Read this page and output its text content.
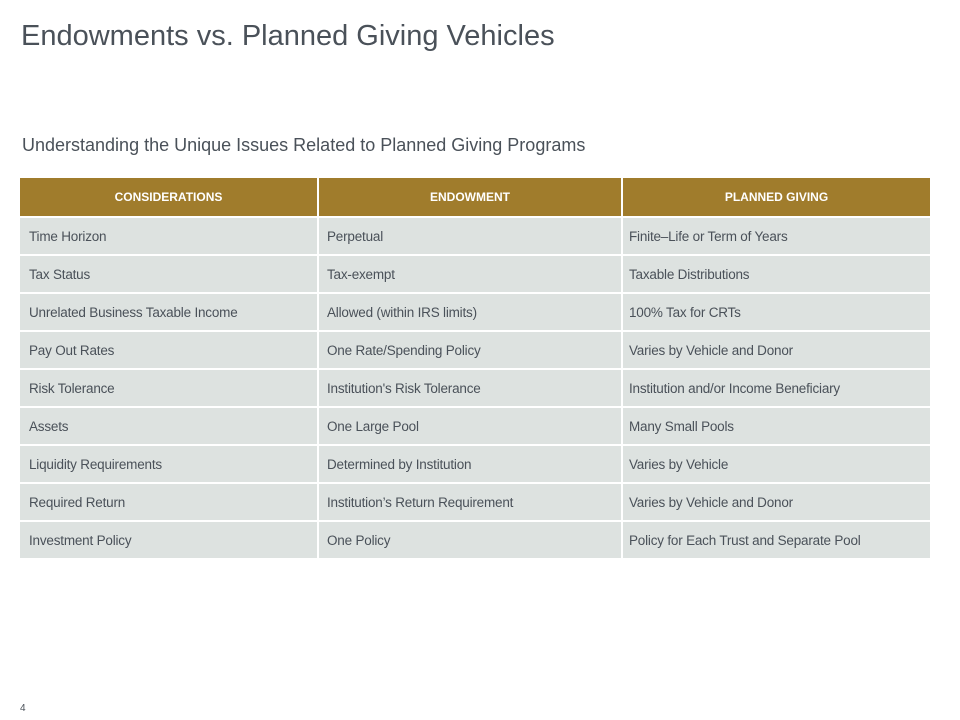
Endowments vs. Planned Giving Vehicles
Understanding the Unique Issues Related to Planned Giving Programs
CONSIDERATIONS	ENDOWMENT	PLANNED GIVING
Time Horizon	Perpetual	Finite–Life or Term of Years
Tax Status	Tax-exempt	Taxable Distributions
Unrelated Business Taxable Income	Allowed (within IRS limits)	100% Tax for CRTs
Pay Out Rates	One Rate/Spending Policy	Varies by Vehicle and Donor
Risk Tolerance	Institution's Risk Tolerance	Institution and/or Income Beneficiary
Assets	One Large Pool	Many Small Pools
Liquidity Requirements	Determined by Institution	Varies by Vehicle
Required Return	Institution’s Return Requirement	Varies by Vehicle and Donor
Investment Policy	One Policy	Policy for Each Trust and Separate Pool
4
